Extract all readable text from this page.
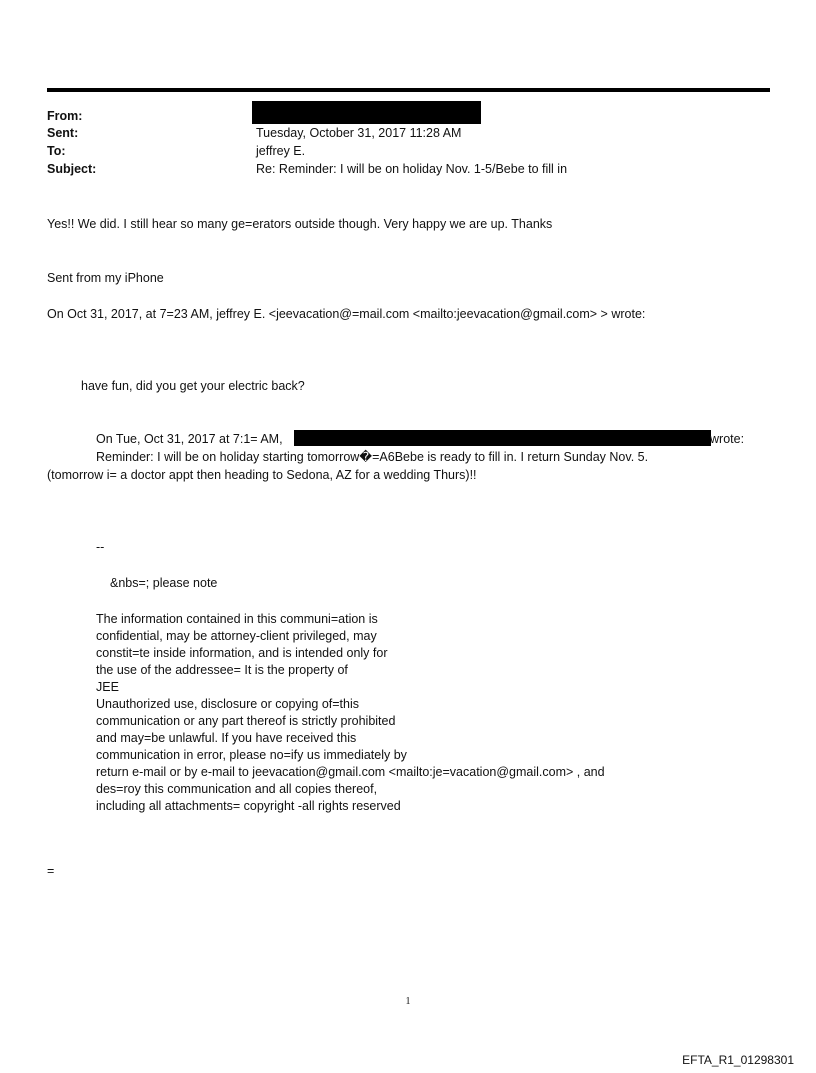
From:
Sent:	Tuesday, October 31, 2017 11:28 AM
To:	jeffrey E.
Subject:	Re: Reminder: I will be on holiday Nov. 1-5/Bebe to fill in
Yes!! We did. I still hear so many ge=erators outside though. Very happy we are up. Thanks
Sent from my iPhone
On Oct 31, 2017, at 7=23 AM, jeffrey E. <jeevacation@=mail.com <mailto:jeevacation@gmail.com> > wrote:
have fun, did you get your electric back?
On Tue, Oct 31, 2017 at 7:1= AM,	wrote:
Reminder: I will be on holiday starting tomorrow�=A6Bebe is ready to fill in. I return Sunday Nov. 5.
(tomorrow i= a doctor appt then heading to Sedona, AZ for a wedding Thurs)!!
--
&nbs=; please note
The information contained in this communi=ation is
confidential, may be attorney-client privileged, may
constit=te inside information, and is intended only for
the use of the addressee= It is the property of
JEE
Unauthorized use, disclosure or copying of=this
communication or any part thereof is strictly prohibited
and may=be unlawful. If you have received this
communication in error, please no=ify us immediately by
return e-mail or by e-mail to jeevacation@gmail.com <mailto:je=vacation@gmail.com> , and
des=roy this communication and all copies thereof,
including all attachments= copyright -all rights reserved
=
1
EFTA_R1_01298301
